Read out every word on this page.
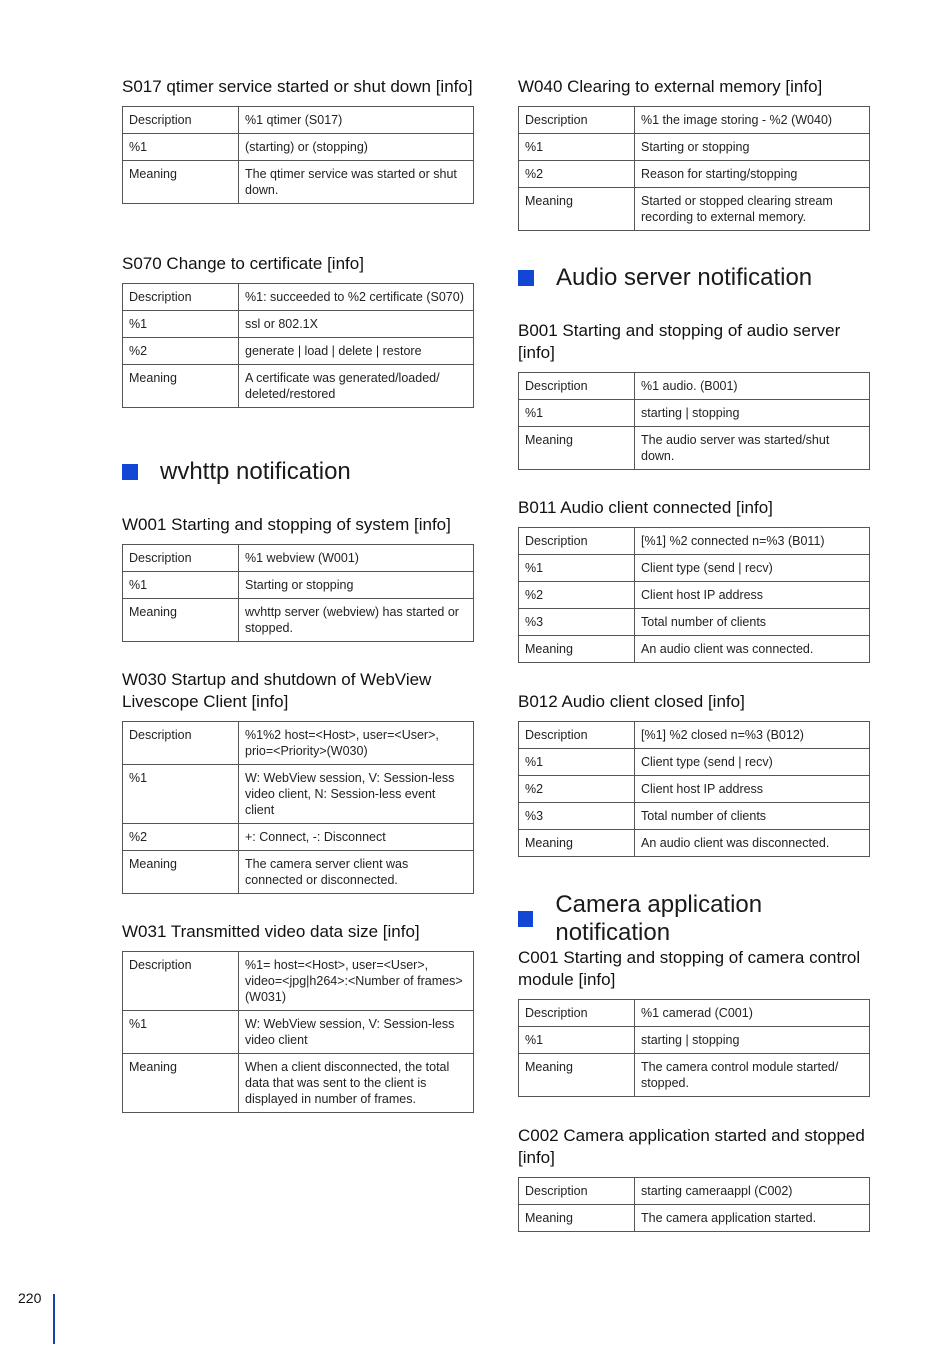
S017 qtimer service started or shut down [info]
Description	%1 qtimer (S017)
%1	(starting) or (stopping)
Meaning	The qtimer service was started or shut down.
S070 Change to certificate [info]
Description	%1: succeeded to %2 certificate (S070)
%1	ssl or 802.1X
%2	generate | load | delete | restore
Meaning	A certificate was generated/loaded/ deleted/restored
wvhttp notification
W001 Starting and stopping of system [info]
Description	%1 webview (W001)
%1	Starting or stopping
Meaning	wvhttp server (webview) has started or stopped.
W030 Startup and shutdown of WebView Livescope Client [info]
Description	%1%2 host=<Host>, user=<User>, prio=<Priority>(W030)
%1	W: WebView session, V: Session-less video client, N: Session-less event client
%2	+: Connect, -: Disconnect
Meaning	The camera server client was connected or disconnected.
W031 Transmitted video data size [info]
Description	%1= host=<Host>, user=<User>, video=<jpg|h264>:<Number of frames> (W031)
%1	W: WebView session, V: Session-less video client
Meaning	When a client disconnected, the total data that was sent to the client is displayed in number of frames.
W040 Clearing to external memory [info]
Description	%1 the image storing - %2 (W040)
%1	Starting or stopping
%2	Reason for starting/stopping
Meaning	Started or stopped clearing stream recording to external memory.
Audio server notification
B001 Starting and stopping of audio server [info]
Description	%1 audio. (B001)
%1	starting | stopping
Meaning	The audio server was started/shut down.
B011 Audio client connected [info]
Description	[%1] %2 connected n=%3 (B011)
%1	Client type (send | recv)
%2	Client host IP address
%3	Total number of clients
Meaning	An audio client was connected.
B012 Audio client closed [info]
Description	[%1] %2 closed n=%3 (B012)
%1	Client type (send | recv)
%2	Client host IP address
%3	Total number of clients
Meaning	An audio client was disconnected.
Camera application notification
C001 Starting and stopping of camera control module [info]
Description	%1 camerad (C001)
%1	starting | stopping
Meaning	The camera control module started/ stopped.
C002 Camera application started and stopped [info]
Description	starting cameraappl (C002)
Meaning	The camera application started.
220
